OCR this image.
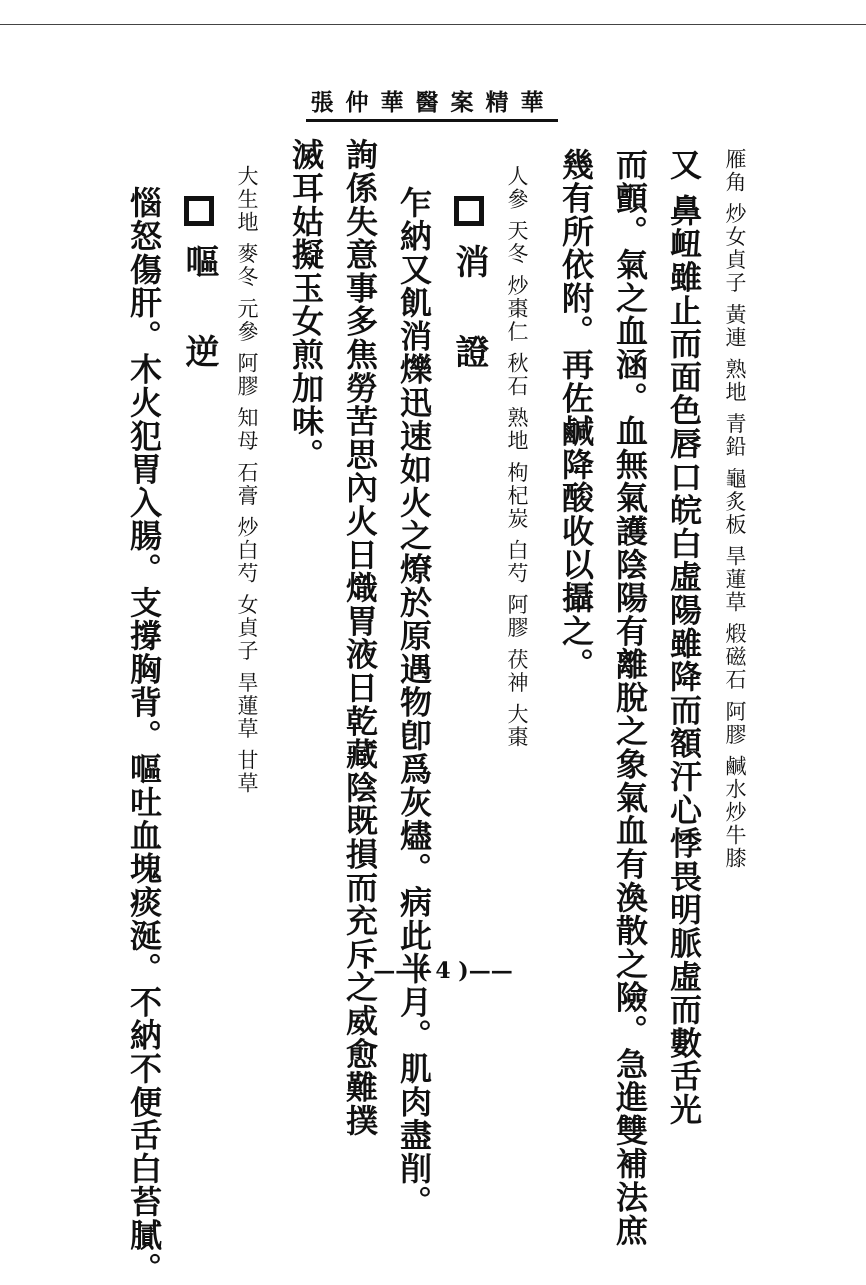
張仲華醫案精華
雁角 炒女貞子 黃連 熟地 青鉛 龜炙板 旱蓮草 煅磁石 阿膠 鹹水炒牛膝
又 鼻衄雖止而面色唇口皖白虛陽雖降而額汗心悸畏明脈虛而數舌光
而顫。氣之血涵。血無氣護陰陽有離脫之象氣血有渙散之險。急進雙補法庶
幾有所依附。再佐鹹降酸收以攝之。
人參 天冬 炒棗仁 秋石 熟地 枸杞炭 白芍 阿膠 茯神 大棗
消 證
乍納又飢消爍迅速如火之燎於原遇物卽爲灰燼。病此半月。肌肉盡削。
詢係失意事多焦勞苦思內火日熾胃液日乾藏陰既損而充斥之威愈難撲
滅耳姑擬玉女煎加味。
大生地 麥冬 元參 阿膠 知母 石膏 炒白芍 女貞子 旱蓮草 甘草
嘔 逆
惱怒傷肝。木火犯胃入腸。支撐胸背。嘔吐血塊痰涎。不納不便舌白苔膩。	——( 4 )——
